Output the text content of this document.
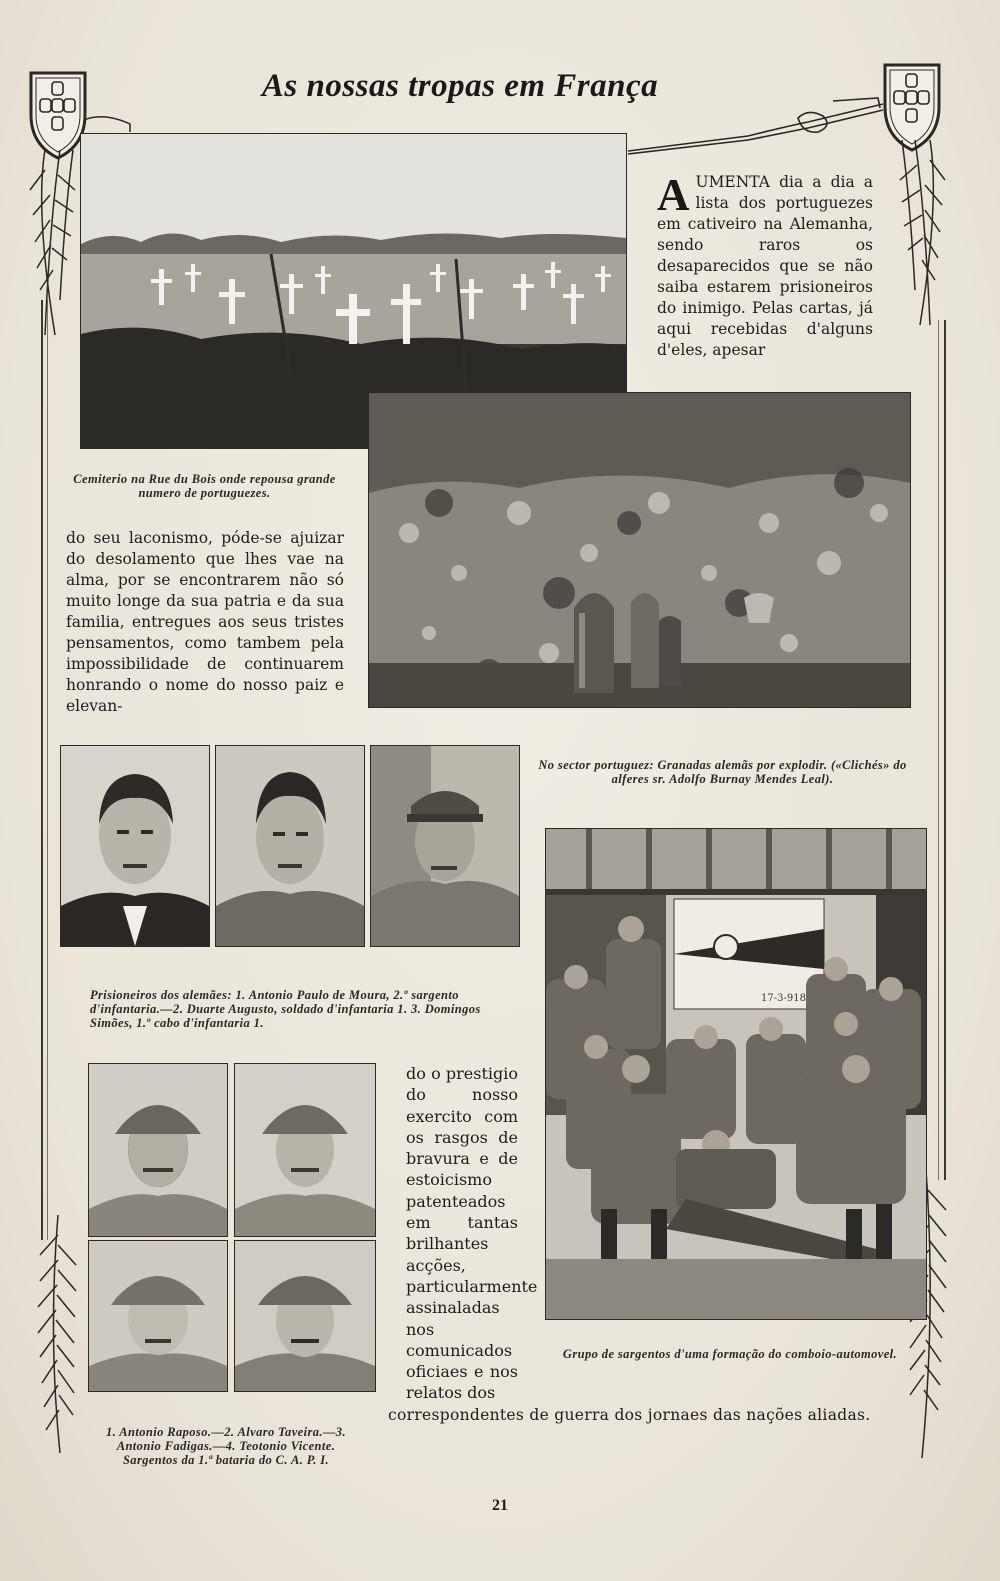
As nossas tropas em França
Cemiterio na Rue du Bois onde repousa grande numero de portuguezes.
No sector portuguez: Granadas alemãs por explodir. («Clichés» do alferes sr. Adolfo Burnay Mendes Leal).

AUMENTA dia a dia a lista dos portuguezes em cativeiro na Alemanha, sendo raros os desaparecidos que se não saiba estarem prisioneiros do inimigo. Pelas cartas, já aqui recebidas d'alguns d'eles, apesar

do seu laconismo, póde-se ajuizar do desolamento que lhes vae na alma, por se encontrarem não só muito longe da sua patria e da sua familia, entregues aos seus tristes pensamentos, como tambem pela impossibilidade de continuarem honrando o nome do nosso paiz e elevan-

Prisioneiros dos alemães: 1. Antonio Paulo de Moura, 2.º sargento d'infantaria.—2. Duarte Augusto, soldado d'infantaria 1. 3. Domingos Simões, 1.º cabo d'infantaria 1.
1. Antonio Raposo.—2. Alvaro Taveira.—3. Antonio Fadigas.—4. Teotonio Vicente. Sargentos da 1.ª bataria do C. A. P. I.

do o prestigio do nosso exercito com os rasgos de bravura e de estoicismo patenteados em tantas brilhantes acções, particularmente assinaladas nos comunicados oficiaes e nos relatos dos

correspondentes de guerra dos jornaes das nações aliadas.

17-3-918
Grupo de sargentos d'uma formação do comboio-automovel.
21
